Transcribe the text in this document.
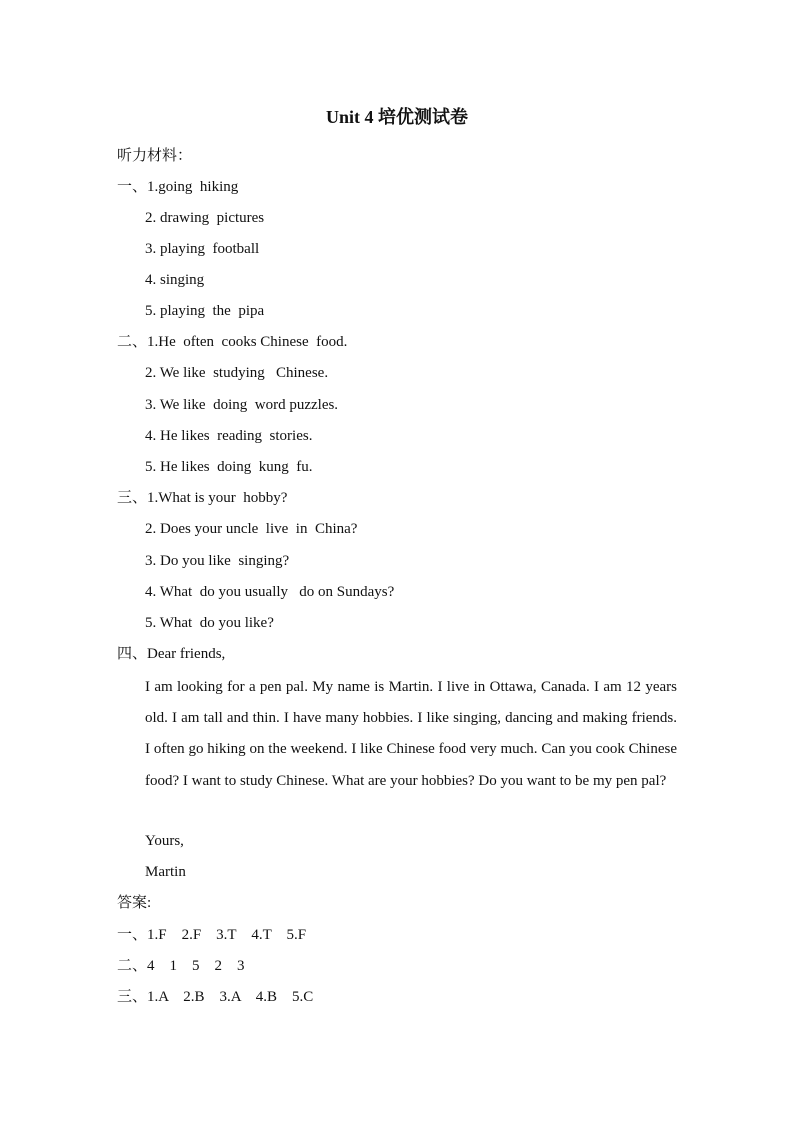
Unit 4 培优测试卷
听力材料：
一、1.going  hiking
2. drawing  pictures
3. playing  football
4. singing
5. playing  the  pipa
二、1.He  often  cooks Chinese  food.
2. We like  studying   Chinese.
3. We like  doing  word puzzles.
4. He likes  reading  stories.
5. He likes  doing  kung  fu.
三、1.What is your  hobby?
2. Does your uncle  live  in  China?
3. Do you like  singing?
4. What  do you usually   do on Sundays?
5. What  do you like?
四、Dear friends,

I am looking for a pen pal. My name is Martin. I live in Ottawa, Canada. I am 12 years old. I am tall and thin. I have many hobbies. I like singing, dancing and making friends. I often go hiking on the weekend. I like Chinese food very much. Can you cook Chinese food? I want to study Chinese. What are your hobbies? Do you want to be my pen pal?

Yours,
Martin
答案:
一、1.F    2.F    3.T    4.T    5.F
二、4    1    5    2    3
三、1.A    2.B    3.A    4.B    5.C
